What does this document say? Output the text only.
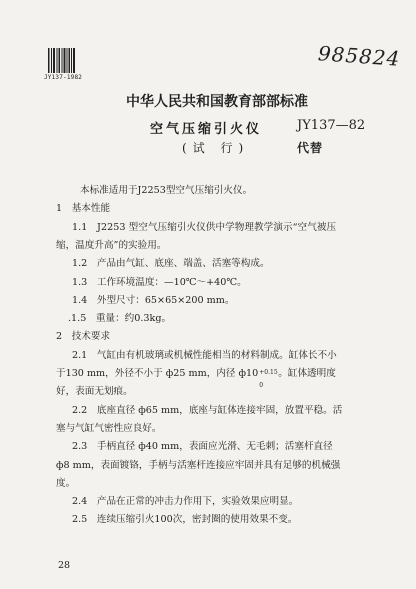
JY137-1982
985824
中华人民共和国教育部部标准
空气压缩引火仪	JY137—82
(试 行)	代替
本标准适用于J2253型空气压缩引火仪。
1　基本性能
1.1　J2253 型空气压缩引火仪供中学物理教学演示“空气被压
缩，温度升高”的实验用。
1.2　产品由气缸、底座、端盖、活塞等构成。
1.3　工作环境温度：—10℃～+40℃。
1.4　外型尺寸：65×65×200 mm。
.1.5　重量：约0.3kg。
2　技术要求
2.1　气缸由有机玻璃或机械性能相当的材料制成。缸体长不小
于130 mm，外径不小于 ф25 mm，内径 ф10 +0.15
0
。缸体透明度
好，表面无划痕。
2.2　底座直径 ф65 mm，底座与缸体连接牢固，放置平稳。活
塞与气缸气密性应良好。
2.3　手柄直径 ф40 mm，表面应光滑、无毛刺；活塞杆直径
ф8 mm，表面镀铬，手柄与活塞杆连接应牢固并具有足够的机械强
度。
2.4　产品在正常的冲击力作用下，实验效果应明显。
2.5　连续压缩引火100次，密封圈的使用效果不变。
28
